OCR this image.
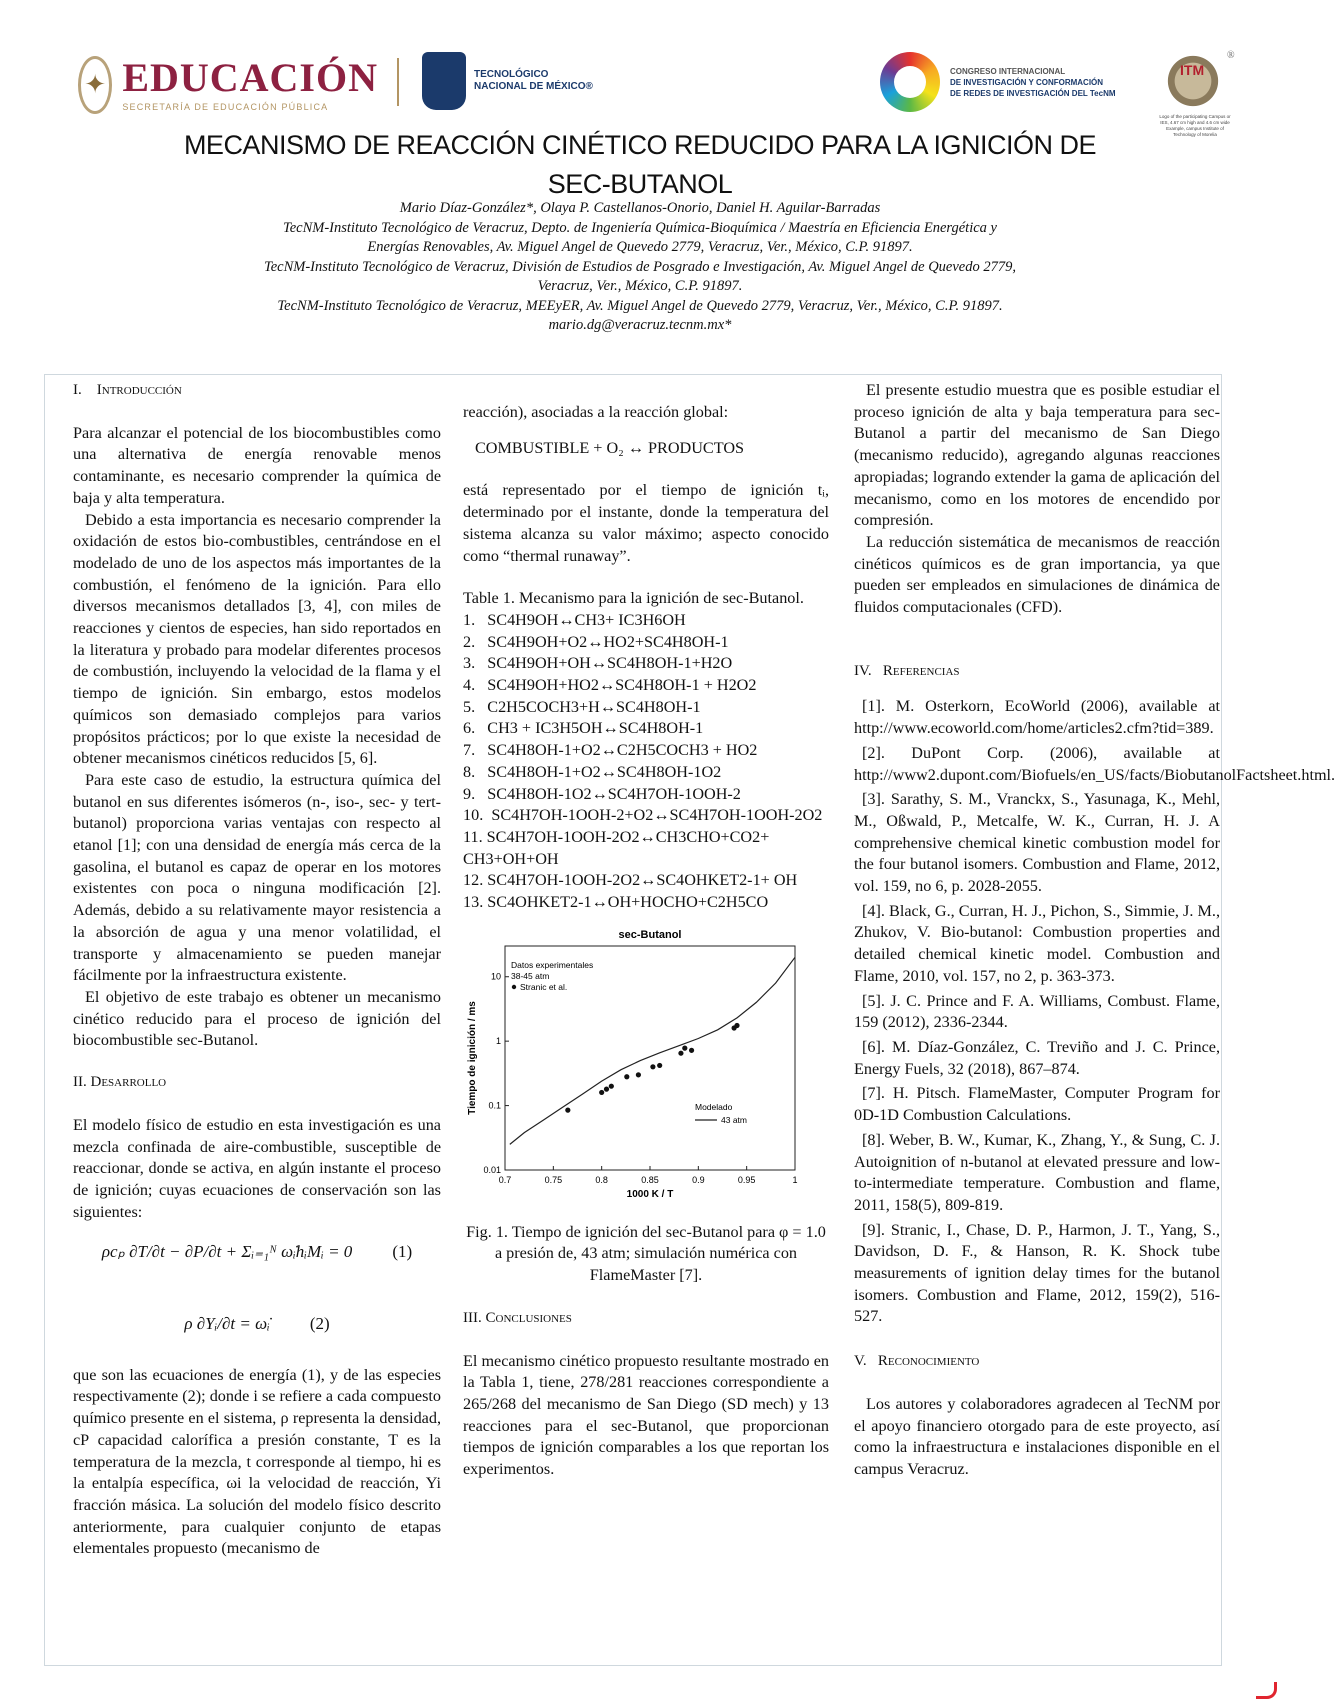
✦ EDUCACIÓN
SECRETARÍA DE EDUCACIÓN PÚBLICA
TECNOLÓGICO
NACIONAL DE MÉXICO®
CONGRESO INTERNACIONAL
DE INVESTIGACIÓN Y CONFORMACIÓN
DE REDES DE INVESTIGACIÓN DEL TecNM
ITM
Logo of the participating Campus or IES, 4.67 cm high and 4.6 cm wide Example, campus Institute of Technology of Morelia
®
MECANISMO DE REACCIÓN CINÉTICO REDUCIDO PARA LA IGNICIÓN DE
SEC-BUTANOL
Mario Díaz-González*, Olaya P. Castellanos-Onorio, Daniel H. Aguilar-Barradas
TecNM-Instituto Tecnológico de Veracruz, Depto. de Ingeniería Química-Bioquímica / Maestría en Eficiencia Energética y
Energías Renovables, Av. Miguel Angel de Quevedo 2779, Veracruz, Ver., México, C.P. 91897.
TecNM-Instituto Tecnológico de Veracruz, División de Estudios de Posgrado e Investigación, Av. Miguel Angel de Quevedo 2779,
Veracruz, Ver., México, C.P. 91897.
TecNM-Instituto Tecnológico de Veracruz, MEEyER, Av. Miguel Angel de Quevedo 2779, Veracruz, Ver., México, C.P. 91897.
mario.dg@veracruz.tecnm.mx*

I. Introducción

Para alcanzar el potencial de los biocombustibles como una alternativa de energía renovable menos contaminante, es necesario comprender la química de baja y alta temperatura.

Debido a esta importancia es necesario comprender la oxidación de estos bio-combustibles, centrándose en el modelado de uno de los aspectos más importantes de la combustión, el fenómeno de la ignición. Para ello diversos mecanismos detallados [3, 4], con miles de reacciones y cientos de especies, han sido reportados en la literatura y probado para modelar diferentes procesos de combustión, incluyendo la velocidad de la flama y el tiempo de ignición. Sin embargo, estos modelos químicos son demasiado complejos para varios propósitos prácticos; por lo que existe la necesidad de obtener mecanismos cinéticos reducidos [5, 6].

Para este caso de estudio, la estructura química del butanol en sus diferentes isómeros (n-, iso-, sec- y tert-butanol) proporciona varias ventajas con respecto al etanol [1]; con una densidad de energía más cerca de la gasolina, el butanol es capaz de operar en los motores existentes con poca o ninguna modificación [2]. Además, debido a su relativamente mayor resistencia a la absorción de agua y una menor volatilidad, el transporte y almacenamiento se pueden manejar fácilmente por la infraestructura existente.

El objetivo de este trabajo es obtener un mecanismo cinético reducido para el proceso de ignición del biocombustible sec-Butanol.

II. Desarrollo

El modelo físico de estudio en esta investigación es una mezcla confinada de aire-combustible, susceptible de reaccionar, donde se activa, en algún instante el proceso de ignición; cuyas ecuaciones de conservación son las siguientes:

ρcₚ ∂T/∂t − ∂P/∂t + Σᵢ₌₁ᴺ ω̇ᵢhᵢMᵢ = 0 (1)

ρ ∂Yᵢ/∂t = ω̇ᵢ (2)

que son las ecuaciones de energía (1), y de las especies respectivamente (2); donde i se refiere a cada compuesto químico presente en el sistema, ρ representa la densidad, cP capacidad calorífica a presión constante, T es la temperatura de la mezcla, t corresponde al tiempo, hi es la entalpía específica, ωi la velocidad de reacción, Yi fracción másica. La solución del modelo físico descrito anteriormente, para cualquier conjunto de etapas elementales propuesto (mecanismo de

reacción), asociadas a la reacción global:

COMBUSTIBLE + O₂ ↔ PRODUCTOS

está representado por el tiempo de ignición tᵢ, determinado por el instante, donde la temperatura del sistema alcanza su valor máximo; aspecto conocido como “thermal runaway”.

Table 1. Mecanismo para la ignición de sec-Butanol.

1.   SC4H9OH↔CH3+ IC3H6OH
2.   SC4H9OH+O2↔HO2+SC4H8OH-1
3.   SC4H9OH+OH↔SC4H8OH-1+H2O
4.   SC4H9OH+HO2↔SC4H8OH-1 + H2O2
5.   C2H5COCH3+H↔SC4H8OH-1
6.   CH3 + IC3H5OH↔SC4H8OH-1
7.   SC4H8OH-1+O2↔C2H5COCH3 + HO2
8.   SC4H8OH-1+O2↔SC4H8OH-1O2
9.   SC4H8OH-1O2↔SC4H7OH-1OOH-2
10.  SC4H7OH-1OOH-2+O2↔SC4H7OH-1OOH-2O2
11. SC4H7OH-1OOH-2O2↔CH3CHO+CO2+ CH3+OH+OH
12. SC4H7OH-1OOH-2O2↔SC4OHKET2-1+ OH
13. SC4OHKET2-1↔OH+HOCHO+C2H5CO
sec-Butanol
0.7	0.75	0.8	0.85	0.9	0.95	1
0.01
0.1
1
10
1000 K / T
Tiempo de ignición / ms
Datos experimentales
38-45 atm
Stranic et al.
Modelado
43 atm

Fig. 1. Tiempo de ignición del sec-Butanol para φ = 1.0 a presión de, 43 atm; simulación numérica con FlameMaster [7].

III. Conclusiones

El mecanismo cinético propuesto resultante mostrado en la Tabla 1, tiene, 278/281 reacciones correspondiente a 265/268 del mecanismo de San Diego (SD mech) y 13 reacciones para el sec-Butanol, que proporcionan tiempos de ignición comparables a los que reportan los experimentos.

El presente estudio muestra que es posible estudiar el proceso ignición de alta y baja temperatura para sec-Butanol a partir del mecanismo de San Diego (mecanismo reducido), agregando algunas reacciones apropiadas; logrando extender la gama de aplicación del mecanismo, como en los motores de encendido por compresión.

La reducción sistemática de mecanismos de reacción cinéticos químicos es de gran importancia, ya que pueden ser empleados en simulaciones de dinámica de fluidos computacionales (CFD).

IV. Referencias

[1]. M. Osterkorn, EcoWorld (2006), available at http://www.ecoworld.com/home/articles2.cfm?tid=389.

[2]. DuPont Corp. (2006), available at http://www2.dupont.com/Biofuels/en_US/facts/BiobutanolFactsheet.html.

[3]. Sarathy, S. M., Vranckx, S., Yasunaga, K., Mehl, M., Oßwald, P., Metcalfe, W. K., Curran, H. J. A comprehensive chemical kinetic combustion model for the four butanol isomers. Combustion and Flame, 2012, vol. 159, no 6, p. 2028-2055.

[4]. Black, G., Curran, H. J., Pichon, S., Simmie, J. M., Zhukov, V. Bio-butanol: Combustion properties and detailed chemical kinetic model. Combustion and Flame, 2010, vol. 157, no 2, p. 363-373.

[5]. J. C. Prince and F. A. Williams, Combust. Flame, 159 (2012), 2336-2344.

[6]. M. Díaz-González, C. Treviño and J. C. Prince, Energy Fuels, 32 (2018), 867–874.

[7]. H. Pitsch. FlameMaster, Computer Program for 0D-1D Combustion Calculations.

[8]. Weber, B. W., Kumar, K., Zhang, Y., & Sung, C. J. Autoignition of n-butanol at elevated pressure and low-to-intermediate temperature. Combustion and flame, 2011, 158(5), 809-819.

[9]. Stranic, I., Chase, D. P., Harmon, J. T., Yang, S., Davidson, D. F., & Hanson, R. K. Shock tube measurements of ignition delay times for the butanol isomers. Combustion and Flame, 2012, 159(2), 516-527.

V. Reconocimiento

Los autores y colaboradores agradecen al TecNM por el apoyo financiero otorgado para de este proyecto, así como la infraestructura e instalaciones disponible en el campus Veracruz.
